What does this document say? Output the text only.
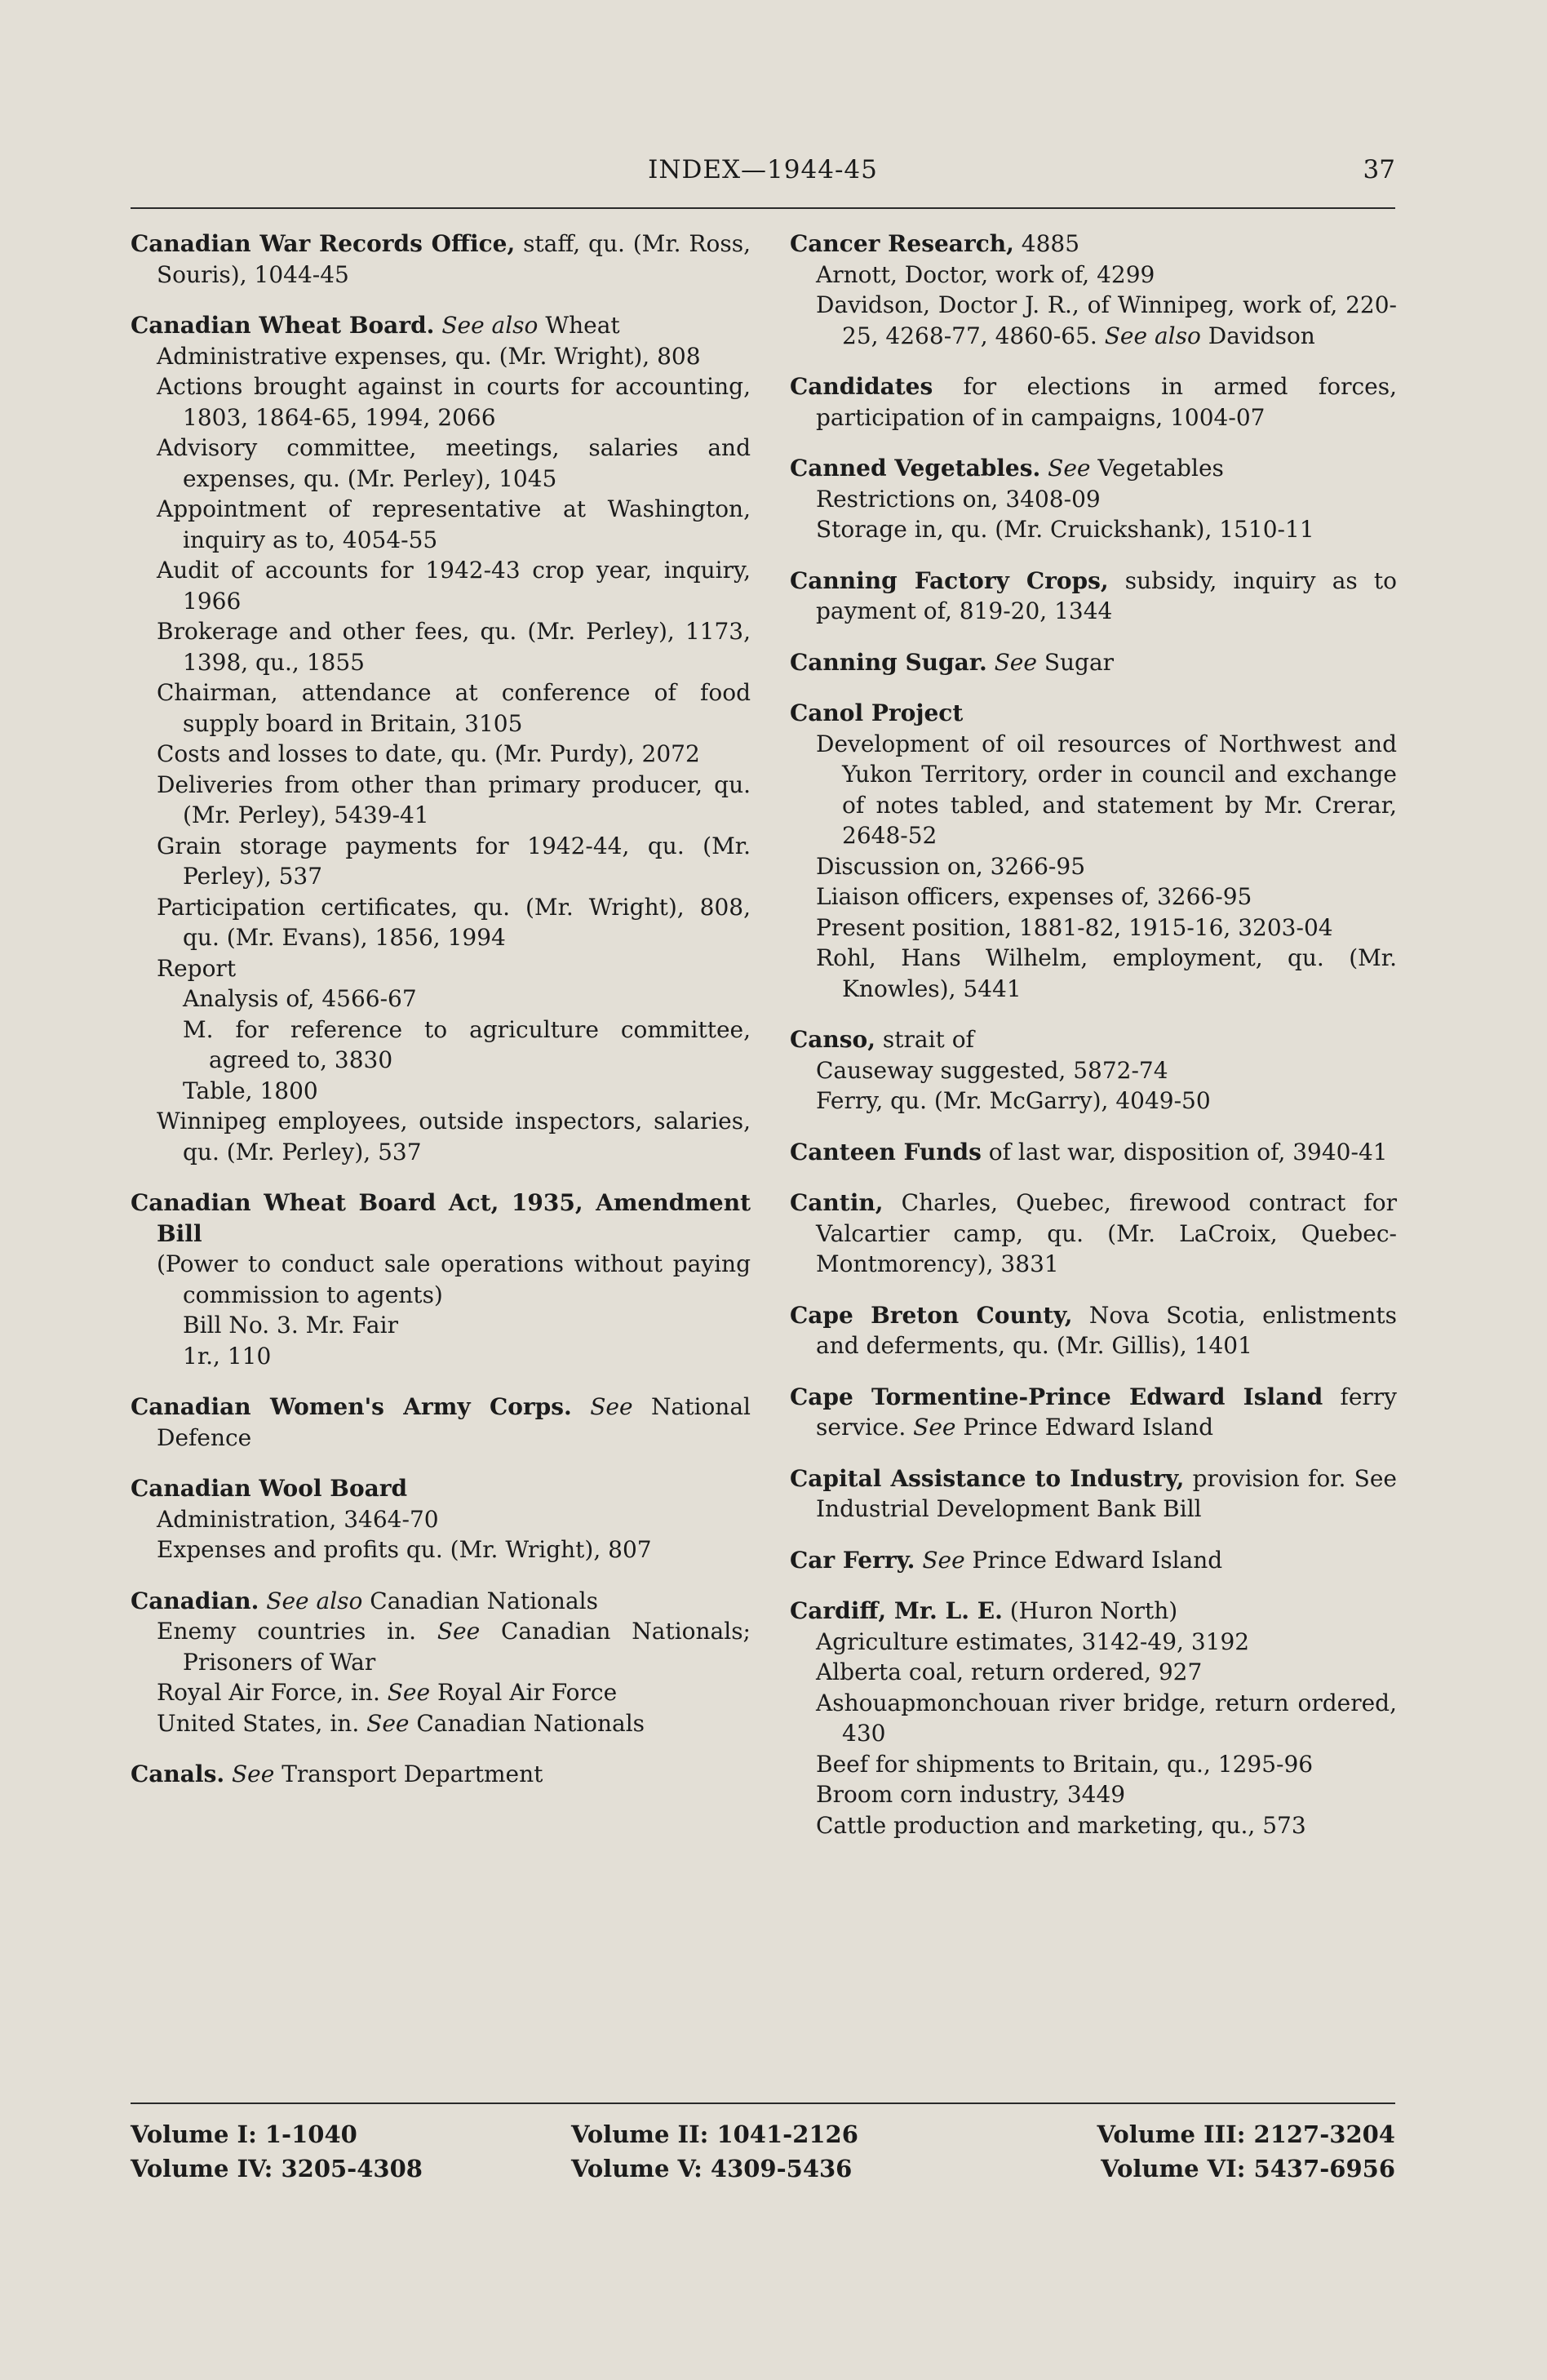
INDEX—1944-45	37
Canadian War Records Office, staff, qu. (Mr. Ross, Souris), 1044-45
Canadian Wheat Board. See also Wheat
Administrative expenses, qu. (Mr. Wright), 808
Actions brought against in courts for accounting, 1803, 1864-65, 1994, 2066
Advisory committee, meetings, salaries and expenses, qu. (Mr. Perley), 1045
Appointment of representative at Washington, inquiry as to, 4054-55
Audit of accounts for 1942-43 crop year, inquiry, 1966
Brokerage and other fees, qu. (Mr. Perley), 1173, 1398, qu., 1855
Chairman, attendance at conference of food supply board in Britain, 3105
Costs and losses to date, qu. (Mr. Purdy), 2072
Deliveries from other than primary producer, qu. (Mr. Perley), 5439-41
Grain storage payments for 1942-44, qu. (Mr. Perley), 537
Participation certificates, qu. (Mr. Wright), 808, qu. (Mr. Evans), 1856, 1994
Report
Analysis of, 4566-67
M. for reference to agriculture committee, agreed to, 3830
Table, 1800
Winnipeg employees, outside inspectors, salaries, qu. (Mr. Perley), 537
Canadian Wheat Board Act, 1935, Amendment Bill
(Power to conduct sale operations without paying commission to agents)
Bill No. 3. Mr. Fair
1r., 110
Canadian Women's Army Corps. See National Defence
Canadian Wool Board
Administration, 3464-70
Expenses and profits qu. (Mr. Wright), 807
Canadian. See also Canadian Nationals
Enemy countries in. See Canadian Nationals; Prisoners of War
Royal Air Force, in. See Royal Air Force
United States, in. See Canadian Nationals
Canals. See Transport Department
Cancer Research, 4885
Arnott, Doctor, work of, 4299
Davidson, Doctor J. R., of Winnipeg, work of, 220-25, 4268-77, 4860-65. See also Davidson
Candidates for elections in armed forces, participation of in campaigns, 1004-07
Canned Vegetables. See Vegetables
Restrictions on, 3408-09
Storage in, qu. (Mr. Cruickshank), 1510-11
Canning Factory Crops, subsidy, inquiry as to payment of, 819-20, 1344
Canning Sugar. See Sugar
Canol Project
Development of oil resources of Northwest and Yukon Territory, order in council and exchange of notes tabled, and statement by Mr. Crerar, 2648-52
Discussion on, 3266-95
Liaison officers, expenses of, 3266-95
Present position, 1881-82, 1915-16, 3203-04
Rohl, Hans Wilhelm, employment, qu. (Mr. Knowles), 5441
Canso, strait of
Causeway suggested, 5872-74
Ferry, qu. (Mr. McGarry), 4049-50
Canteen Funds of last war, disposition of, 3940-41
Cantin, Charles, Quebec, firewood contract for Valcartier camp, qu. (Mr. LaCroix, Quebec-Montmorency), 3831
Cape Breton County, Nova Scotia, enlistments and deferments, qu. (Mr. Gillis), 1401
Cape Tormentine-Prince Edward Island ferry service. See Prince Edward Island
Capital Assistance to Industry, provision for. See Industrial Development Bank Bill
Car Ferry. See Prince Edward Island
Cardiff, Mr. L. E. (Huron North)
Agriculture estimates, 3142-49, 3192
Alberta coal, return ordered, 927
Ashouapmonchouan river bridge, return ordered, 430
Beef for shipments to Britain, qu., 1295-96
Broom corn industry, 3449
Cattle production and marketing, qu., 573
Volume I: 1-1040	Volume II: 1041-2126	Volume III: 2127-3204
Volume IV: 3205-4308	Volume V: 4309-5436	Volume VI: 5437-6956
